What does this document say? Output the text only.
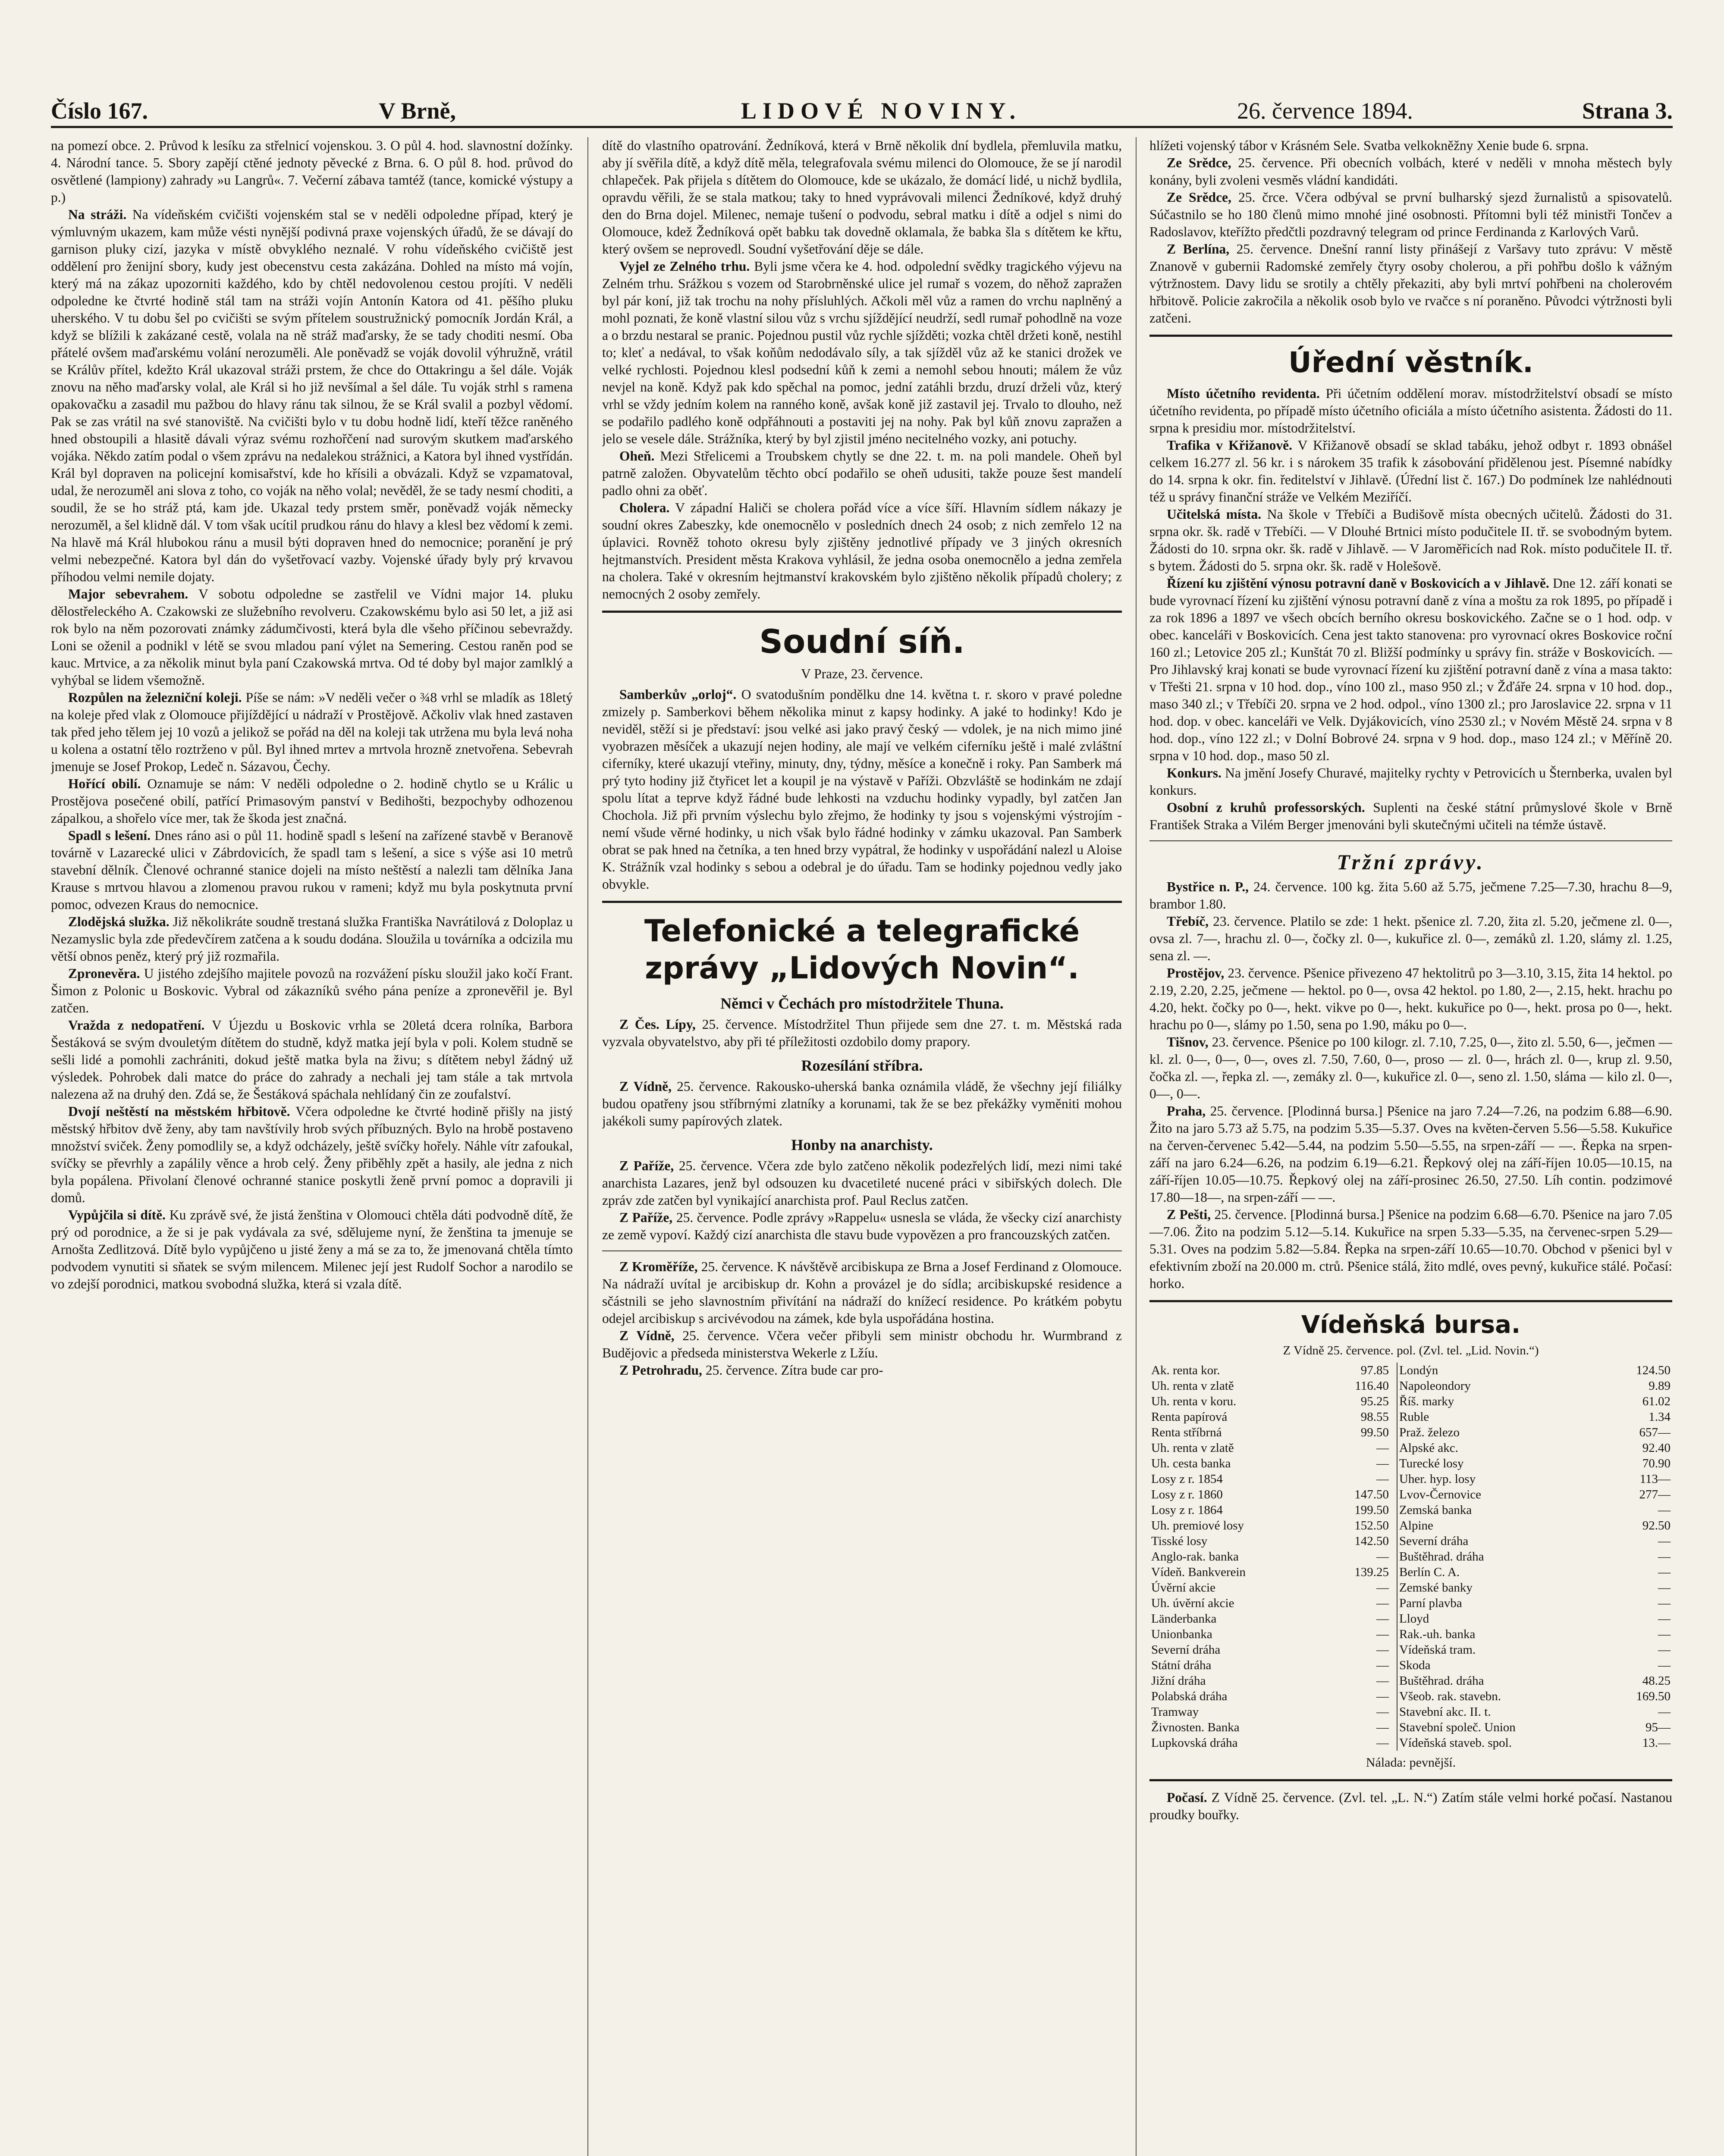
Číslo 167.	V Brně,	LIDOVÉ NOVINY.	26. července 1894.	Strana 3.

na pomezí obce. 2. Průvod k lesíku za střelnicí vojenskou. 3. O půl 4. hod. slavnostní dožínky. 4. Národní tance. 5. Sbory zapějí ctěné jednoty pěvecké z Brna. 6. O půl 8. hod. průvod do osvětlené (lampiony) zahrady »u Langrů«. 7. Večerní zábava tamtéž (tance, komické výstupy a p.)

Na stráži. Na vídeňském cvičišti vojenském stal se v neděli odpoledne případ, který je výmluvným ukazem, kam může vésti nynější podivná praxe vojenských úřadů, že se dávají do garnison pluky cizí, jazyka v místě obvyklého neznalé. V rohu vídeňského cvičiště jest oddělení pro ženijní sbory, kudy jest obecenstvu cesta zakázána. Dohled na místo má vojín, který má na zákaz upozorniti každého, kdo by chtěl nedovolenou cestou projíti. V neděli odpoledne ke čtvrté hodině stál tam na stráži vojín Antonín Katora od 41. pěšího pluku uherského. V tu dobu šel po cvičišti se svým přítelem soustružnický pomocník Jordán Král, a když se blížili k zakázané cestě, volala na ně stráž maďarsky, že se tady choditi nesmí. Oba přátelé ovšem maďarskému volání nerozuměli. Ale poněvadž se voják dovolil výhružně, vrátil se Králův přítel, kdežto Král ukazoval stráži prstem, že chce do Ottakringu a šel dále. Voják znovu na něho maďarsky volal, ale Král si ho již nevšímal a šel dále. Tu voják strhl s ramena opakovačku a zasadil mu pažbou do hlavy ránu tak silnou, že se Král svalil a pozbyl vědomí. Pak se zas vrátil na své stanoviště. Na cvičišti bylo v tu dobu hodně lidí, kteří těžce raněného hned obstoupili a hlasitě dávali výraz svému rozhořčení nad surovým skutkem maďarského vojáka. Někdo zatím podal o všem zprávu na nedalekou strážnici, a Katora byl ihned vystřídán. Král byl dopraven na policejní komisařství, kde ho křísili a obvázali. Když se vzpamatoval, udal, že nerozuměl ani slova z toho, co voják na něho volal; nevěděl, že se tady nesmí choditi, a soudil, že se ho stráž ptá, kam jde. Ukazal tedy prstem směr, poněvadž voják německy nerozuměl, a šel klidně dál. V tom však ucítil prudkou ránu do hlavy a klesl bez vědomí k zemi. Na hlavě má Král hlubokou ránu a musil býti dopraven hned do nemocnice; poranění je prý velmi nebezpečné. Katora byl dán do vyšetřovací vazby. Vojenské úřady byly prý krvavou příhodou velmi nemile dojaty.

Major sebevrahem. V sobotu odpoledne se zastřelil ve Vídni major 14. pluku dělostřeleckého A. Czakowski ze služebního revolveru. Czakowskému bylo asi 50 let, a již asi rok bylo na něm pozorovati známky zádumčivosti, která byla dle všeho příčinou sebevraždy. Loni se oženil a podnikl v létě se svou mladou paní výlet na Semering. Cestou raněn pod se kauc. Mrtvice, a za několik minut byla paní Czakowská mrtva. Od té doby byl major zamlklý a vyhýbal se lidem všemožně.

Rozpůlen na železniční koleji. Píše se nám: »V neděli večer o ¾8 vrhl se mladík as 18letý na koleje před vlak z Olomouce přijíždějící u nádraží v Prostějově. Ačkoliv vlak hned zastaven tak před jeho tělem jej 10 vozů a jelikož se pořád na děl na koleji tak utržena mu byla levá noha u kolena a ostatní tělo roztrženo v půl. Byl ihned mrtev a mrtvola hrozně znetvořena. Sebevrah jmenuje se Josef Prokop, Ledeč n. Sázavou, Čechy.

Hořící obilí. Oznamuje se nám: V neděli odpoledne o 2. hodině chytlo se u Králic u Prostějova posečené obilí, patřící Primasovým panství v Bedihošti, bezpochyby odhozenou zápalkou, a shořelo více mer, tak že škoda jest značná.

Spadl s lešení. Dnes ráno asi o půl 11. hodině spadl s lešení na zařízené stavbě v Beranově továrně v Lazarecké ulici v Zábrdovicích, že spadl tam s lešení, a sice s výše asi 10 metrů stavební dělník. Členové ochranné stanice dojeli na místo neštěstí a nalezli tam dělníka Jana Krause s mrtvou hlavou a zlomenou pravou rukou v rameni; když mu byla poskytnuta první pomoc, odvezen Kraus do nemocnice.

Zlodějská služka. Již několikráte soudně trestaná služka Františka Navrátilová z Doloplaz u Nezamyslic byla zde předevčírem zatčena a k soudu dodána. Sloužila u továrníka a odcizila mu větší obnos peněz, který prý již rozmařila.

Zpronevěra. U jistého zdejšího majitele povozů na rozvážení písku sloužil jako kočí Frant. Šimon z Polonic u Boskovic. Vybral od zákazníků svého pána peníze a zpronevěřil je. Byl zatčen.

Vražda z nedopatření. V Újezdu u Boskovic vrhla se 20letá dcera rolníka, Barbora Šestáková se svým dvouletým dítětem do studně, když matka její byla v poli. Kolem studně se sešli lidé a pomohli zachrániti, dokud ještě matka byla na živu; s dítětem nebyl žádný už výsledek. Pohrobek dali matce do práce do zahrady a nechali jej tam stále a tak mrtvola nalezena až na druhý den. Zdá se, že Šestáková spáchala nehlídaný čin ze zoufalství.

Dvojí neštěstí na městském hřbitově. Včera odpoledne ke čtvrté hodině přišly na jistý městský hřbitov dvě ženy, aby tam navštívily hrob svých příbuzných. Bylo na hrobě postaveno množství sviček. Ženy pomodlily se, a když odcházely, ještě svíčky hořely. Náhle vítr zafoukal, svíčky se převrhly a zapálily věnce a hrob celý. Ženy přiběhly zpět a hasily, ale jedna z nich byla popálena. Přivolaní členové ochranné stanice poskytli ženě první pomoc a dopravili ji domů.

Vypůjčila si dítě. Ku zprávě své, že jistá ženština v Olomouci chtěla dáti podvodně dítě, že prý od porodnice, a že si je pak vydávala za své, sdělujeme nyní, že ženština ta jmenuje se Arnošta Zedlitzová. Dítě bylo vypůjčeno u jisté ženy a má se za to, že jmenovaná chtěla tímto podvodem vynutiti si sňatek se svým milencem. Milenec její jest Rudolf Sochor a narodilo se vo zdejší porodnici, matkou svobodná služka, která si vzala dítě.

dítě do vlastního opatrování. Žedníková, která v Brně několik dní bydlela, přemluvila matku, aby jí svěřila dítě, a když dítě měla, telegrafovala svému milenci do Olomouce, že se jí narodil chlapeček. Pak přijela s dítětem do Olomouce, kde se ukázalo, že domácí lidé, u nichž bydlila, opravdu věřili, že se stala matkou; taky to hned vyprávovali milenci Žedníkové, když druhý den do Brna dojel. Milenec, nemaje tušení o podvodu, sebral matku i dítě a odjel s nimi do Olomouce, kdež Žedníková opět babku tak dovedně oklamala, že babka šla s dítětem ke křtu, který ovšem se neprovedl. Soudní vyšetřování děje se dále.

Vyjel ze Zelného trhu. Byli jsme včera ke 4. hod. odpolední svědky tragického výjevu na Zelném trhu. Srážkou s vozem od Starobrněnské ulice jel rumař s vozem, do něhož zapražen byl pár koní, již tak trochu na nohy přísluhlých. Ačkoli měl vůz a ramen do vrchu naplněný a mohl poznati, že koně vlastní silou vůz s vrchu sjíždějící neudrží, sedl rumař pohodlně na voze a o brzdu nestaral se pranic. Pojednou pustil vůz rychle sjížděti; vozka chtěl držeti koně, nestihl to; kleť a nedával, to však koňům nedodávalo síly, a tak sjížděl vůz až ke stanici drožek ve velké rychlosti. Pojednou klesl podsední kůň k zemi a nemohl sebou hnouti; málem že vůz nevjel na koně. Když pak kdo spěchal na pomoc, jední zatáhli brzdu, druzí drželi vůz, který vrhl se vždy jedním kolem na ranného koně, avšak koně již zastavil jej. Trvalo to dlouho, než se podařilo padlého koně odpřáhnouti a postaviti jej na nohy. Pak byl kůň znovu zapražen a jelo se vesele dále. Strážníka, který by byl zjistil jméno necitelného vozky, ani potuchy.

Oheň. Mezi Střelicemi a Troubskem chytly se dne 22. t. m. na poli mandele. Oheň byl patrně založen. Obyvatelům těchto obcí podařilo se oheň udusiti, takže pouze šest mandelí padlo ohni za oběť.

Cholera. V západní Haliči se cholera pořád více a více šíří. Hlavním sídlem nákazy je soudní okres Zabeszky, kde onemocnělo v posledních dnech 24 osob; z nich zemřelo 12 na úplavici. Rovněž tohoto okresu byly zjištěny jednotlivé případy ve 3 jiných okresních hejtmanstvích. President města Krakova vyhlásil, že jedna osoba onemocnělo a jedna zemřela na cholera. Také v okresním hejtmanství krakovském bylo zjištěno několik případů cholery; z nemocných 2 osoby zemřely.

Soudní síň.
V Praze, 23. července.

Samberkův „orloj“. O svatodušním pondělku dne 14. května t. r. skoro v pravé poledne zmizely p. Samberkovi během několika minut z kapsy hodinky. A jaké to hodinky! Kdo je neviděl, stěží si je představí: jsou velké asi jako pravý český — vdolek, je na nich mimo jiné vyobrazen měsíček a ukazují nejen hodiny, ale mají ve velkém ciferníku ještě i malé zvláštní ciferníky, které ukazují vteřiny, minuty, dny, týdny, měsíce a konečně i roky. Pan Samberk má prý tyto hodiny již čtyřicet let a koupil je na výstavě v Paříži. Obzvláště se hodinkám ne zdají spolu lítat a teprve když řádné bude lehkosti na vzduchu hodinky vypadly, byl zatčen Jan Chochola. Již při prvním výslechu bylo zřejmo, že hodinky ty jsou s vojenskými výstrojím - nemí všude věrné hodinky, u nich však bylo řádné hodinky v zámku ukazoval. Pan Samberk obrat se pak hned na četníka, a ten hned brzy vypátral, že hodinky v uspořádání nalezl u Aloise K. Strážník vzal hodinky s sebou a odebral je do úřadu. Tam se hodinky pojednou vedly jako obvykle.

Telefonické a telegrafické zprávy „Lidových Novin“.
Němci v Čechách pro místodržitele Thuna.

Z Čes. Lípy, 25. července. Místodržitel Thun přijede sem dne 27. t. m. Městská rada vyzvala obyvatelstvo, aby při té příležitosti ozdobilo domy prapory.

Rozesílání stříbra.

Z Vídně, 25. července. Rakousko-uherská banka oznámila vládě, že všechny její filiálky budou opatřeny jsou stříbrnými zlatníky a korunami, tak že se bez překážky vyměniti mohou jakékoli sumy papírových zlatek.

Honby na anarchisty.

Z Paříže, 25. července. Včera zde bylo zatčeno několik podezřelých lidí, mezi nimi také anarchista Lazares, jenž byl odsouzen ku dvacetileté nucené práci v sibiřských dolech. Dle zpráv zde zatčen byl vynikající anarchista prof. Paul Reclus zatčen.

Z Paříže, 25. července. Podle zprávy »Rappelu« usnesla se vláda, že všecky cizí anarchisty ze země vypoví. Každý cizí anarchista dle stavu bude vypovězen a pro francouzských zatčen.

Z Kroměříže, 25. července. K návštěvě arcibiskupa ze Brna a Josef Ferdinand z Olomouce. Na nádraží uvítal je arcibiskup dr. Kohn a provázel je do sídla; arcibiskupské residence a sčástnili se jeho slavnostním přivítání na nádraží do knížecí residence. Po krátkém pobytu odejel arcibiskup s arcivévodou na zámek, kde byla uspořádána hostina.

Z Vídně, 25. července. Včera večer přibyli sem ministr obchodu hr. Wurmbrand z Budějovic a předseda ministerstva Wekerle z Lžíu.

Z Petrohradu, 25. července. Zítra bude car pro-

hlížeti vojenský tábor v Krásném Sele. Svatba velkokněžny Xenie bude 6. srpna.

Ze Srědce, 25. července. Při obecních volbách, které v neděli v mnoha městech byly konány, byli zvoleni vesměs vládní kandidáti.

Ze Srědce, 25. črce. Včera odbýval se první bulharský sjezd žurnalistů a spisovatelů. Súčastnilo se ho 180 členů mimo mnohé jiné osobnosti. Přítomni byli též ministři Tončev a Radoslavov, kteřížto předčtli pozdravný telegram od prince Ferdinanda z Karlových Varů.

Z Berlína, 25. července. Dnešní ranní listy přinášejí z Varšavy tuto zprávu: V městě Znanově v gubernii Radomské zemřely čtyry osoby cholerou, a při pohřbu došlo k vážným výtržnostem. Davy lidu se srotily a chtěly překaziti, aby byli mrtví pohřbeni na cholerovém hřbitově. Policie zakročila a několik osob bylo ve rvačce s ní poraněno. Původci výtržnosti byli zatčeni.

Úřední věstník.

Místo účetního revidenta. Při účetním oddělení morav. místodržitelství obsadí se místo účetního revidenta, po případě místo účetního oficiála a místo účetního asistenta. Žádosti do 11. srpna k presidiu mor. místodržitelství.

Trafika v Křižanově. V Křižanově obsadí se sklad tabáku, jehož odbyt r. 1893 obnášel celkem 16.277 zl. 56 kr. i s nárokem 35 trafik k zásobování přidělenou jest. Písemné nabídky do 14. srpna k okr. fin. ředitelství v Jihlavě. (Úřední list č. 167.) Do podmínek lze nahlédnouti též u správy finanční stráže ve Velkém Meziříčí.

Učitelská místa. Na škole v Třebíči a Budišově místa obecných učitelů. Žádosti do 31. srpna okr. šk. radě v Třebíči. — V Dlouhé Brtnici místo podučitele II. tř. se svobodným bytem. Žádosti do 10. srpna okr. šk. radě v Jihlavě. — V Jaroměřicích nad Rok. místo podučitele II. tř. s bytem. Žádosti do 5. srpna okr. šk. radě v Holešově.

Řízení ku zjištění výnosu potravní daně v Boskovicích a v Jihlavě. Dne 12. září konati se bude vyrovnací řízení ku zjištění výnosu potravní daně z vína a moštu za rok 1895, po případě i za rok 1896 a 1897 ve všech obcích berního okresu boskovického. Začne se o 1 hod. odp. v obec. kanceláři v Boskovicích. Cena jest takto stanovena: pro vyrovnací okres Boskovice roční 160 zl.; Letovice 205 zl.; Kunštát 70 zl. Bližší podmínky u správy fin. stráže v Boskovicích. — Pro Jihlavský kraj konati se bude vyrovnací řízení ku zjištění potravní daně z vína a masa takto: v Třešti 21. srpna v 10 hod. dop., víno 100 zl., maso 950 zl.; v Žďáře 24. srpna v 10 hod. dop., maso 340 zl.; v Třebíči 20. srpna ve 2 hod. odpol., víno 1300 zl.; pro Jaroslavice 22. srpna v 11 hod. dop. v obec. kanceláři ve Velk. Dyjákovicích, víno 2530 zl.; v Novém Městě 24. srpna v 8 hod. dop., víno 122 zl.; v Dolní Bobrové 24. srpna v 9 hod. dop., maso 124 zl.; v Měříně 20. srpna v 10 hod. dop., maso 50 zl.

Konkurs. Na jmění Josefy Churavé, majitelky rychty v Petrovicích u Šternberka, uvalen byl konkurs.

Osobní z kruhů professorských. Suplenti na české státní průmyslové škole v Brně František Straka a Vilém Berger jmenováni byli skutečnými učiteli na témže ústavě.

Tržní zprávy.

Bystřice n. P., 24. července. 100 kg. žita 5.60 až 5.75, ječmene 7.25—7.30, hrachu 8—9, brambor 1.80.

Třebíč, 23. července. Platilo se zde: 1 hekt. pšenice zl. 7.20, žita zl. 5.20, ječmene zl. 0—, ovsa zl. 7—, hrachu zl. 0—, čočky zl. 0—, kukuřice zl. 0—, zemáků zl. 1.20, slámy zl. 1.25, sena zl. —.

Prostějov, 23. července. Pšenice přivezeno 47 hektolitrů po 3—3.10, 3.15, žita 14 hektol. po 2.19, 2.20, 2.25, ječmene — hektol. po 0—, ovsa 42 hektol. po 1.80, 2—, 2.15, hekt. hrachu po 4.20, hekt. čočky po 0—, hekt. vikve po 0—, hekt. kukuřice po 0—, hekt. prosa po 0—, hekt. hrachu po 0—, slámy po 1.50, sena po 1.90, máku po 0—.

Tišnov, 23. července. Pšenice po 100 kilogr. zl. 7.10, 7.25, 0—, žito zl. 5.50, 6—, ječmen — kl. zl. 0—, 0—, 0—, oves zl. 7.50, 7.60, 0—, proso — zl. 0—, hrách zl. 0—, krup zl. 9.50, čočka zl. —, řepka zl. —, zemáky zl. 0—, kukuřice zl. 0—, seno zl. 1.50, sláma — kilo zl. 0—, 0—, 0—.

Praha, 25. července. [Plodinná bursa.] Pšenice na jaro 7.24—7.26, na podzim 6.88—6.90. Žito na jaro 5.73 až 5.75, na podzim 5.35—5.37. Oves na květen-červen 5.56—5.58. Kukuřice na červen-červenec 5.42—5.44, na podzim 5.50—5.55, na srpen-září — —. Řepka na srpen-září na jaro 6.24—6.26, na podzim 6.19—6.21. Řepkový olej na září-říjen 10.05—10.15, na září-říjen 10.05—10.75. Řepkový olej na září-prosinec 26.50, 27.50. Líh contin. podzimové 17.80—18—, na srpen-září — —.

Z Pešti, 25. července. [Plodinná bursa.] Pšenice na podzim 6.68—6.70. Pšenice na jaro 7.05—7.06. Žito na podzim 5.12—5.14. Kukuřice na srpen 5.33—5.35, na červenec-srpen 5.29—5.31. Oves na podzim 5.82—5.84. Řepka na srpen-září 10.65—10.70. Obchod v pšenici byl v efektivním zboží na 20.000 m. ctrů. Pšenice stálá, žito mdlé, oves pevný, kukuřice stálé. Počasí: horko.

Vídeňská bursa.
Z Vídně 25. července. pol. (Zvl. tel. „Lid. Novin.“)
Ak. renta kor.	97.85	Londýn	124.50
Uh. renta v zlatě	116.40	Napoleondory	9.89
Uh. renta v koru.	95.25	Říš. marky	61.02
Renta papírová	98.55	Ruble	1.34
Renta stříbrná	99.50	Praž. železo	657—
Uh. renta v zlatě	—	Alpské akc.	92.40
Uh. cesta banka	—	Turecké losy	70.90
Losy z r. 1854	—	Uher. hyp. losy	113—
Losy z r. 1860	147.50	Lvov-Černovice	277—
Losy z r. 1864	199.50	Zemská banka	—
Uh. premiové losy	152.50	Alpine	92.50
Tisské losy	142.50	Severní dráha	—
Anglo-rak. banka	—	Buštěhrad. dráha	—
Vídeň. Bankverein	139.25	Berlín C. A.	—
Úvěrní akcie	—	Zemské banky	—
Uh. úvěrní akcie	—	Parní plavba	—
Länderbanka	—	Lloyd	—
Unionbanka	—	Rak.-uh. banka	—
Severní dráha	—	Vídeňská tram.	—
Státní dráha	—	Skoda	—
Jižní dráha	—	Buštěhrad. dráha	48.25
Polabská dráha	—	Všeob. rak. stavebn.	169.50
Tramway	—	Stavební akc. II. t.	—
Živnosten. Banka	—	Stavební společ. Union	95—
Lupkovská dráha	—	Vídeňská staveb. spol.	13.—
Nálada: pevnější.

Počasí. Z Vídně 25. července. (Zvl. tel. „L. N.“) Zatím stále velmi horké počasí. Nastanou proudky bouřky.
